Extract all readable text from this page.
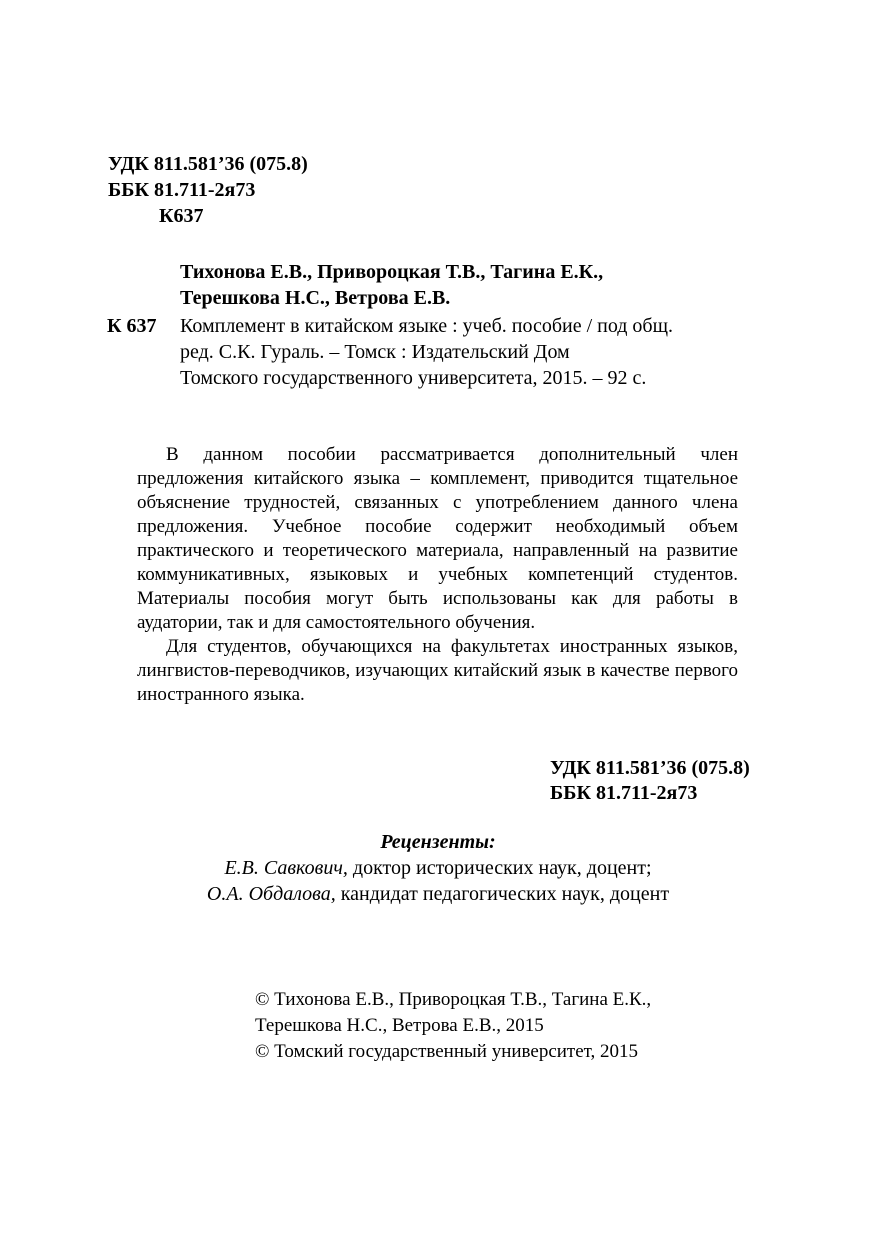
УДК 811.581’36 (075.8)
ББК 81.711-2я73
К637
Тихонова Е.В., Привороцкая Т.В., Тагина Е.К.,
Терешкова Н.С., Ветрова Е.В.
К 637 Комплемент в китайском языке : учеб. пособие / под общ.
ред. С.К. Гураль. – Томск : Издательский Дом
Томского государственного университета, 2015. – 92 с.

В данном пособии рассматривается дополнительный член предложения китайского языка – комплемент, приводится тщательное объяснение трудностей, связанных с употреблением данного члена предложения. Учебное пособие содержит необходимый объем практического и теоретического материала, направленный на развитие коммуникативных, языковых и учебных компетенций студентов. Материалы пособия могут быть использованы как для работы в аудатории, так и для самостоятельного обучения.

Для студентов, обучающихся на факультетах иностранных языков, лингвистов-переводчиков, изучающих китайский язык в качестве первого иностранного языка.

УДК 811.581’36 (075.8)
ББК 81.711-2я73
Рецензенты:
Е.В. Савкович, доктор исторических наук, доцент;
О.А. Обдалова, кандидат педагогических наук, доцент
© Тихонова Е.В., Привороцкая Т.В., Тагина Е.К.,
Терешкова Н.С., Ветрова Е.В., 2015
© Томский государственный университет, 2015
